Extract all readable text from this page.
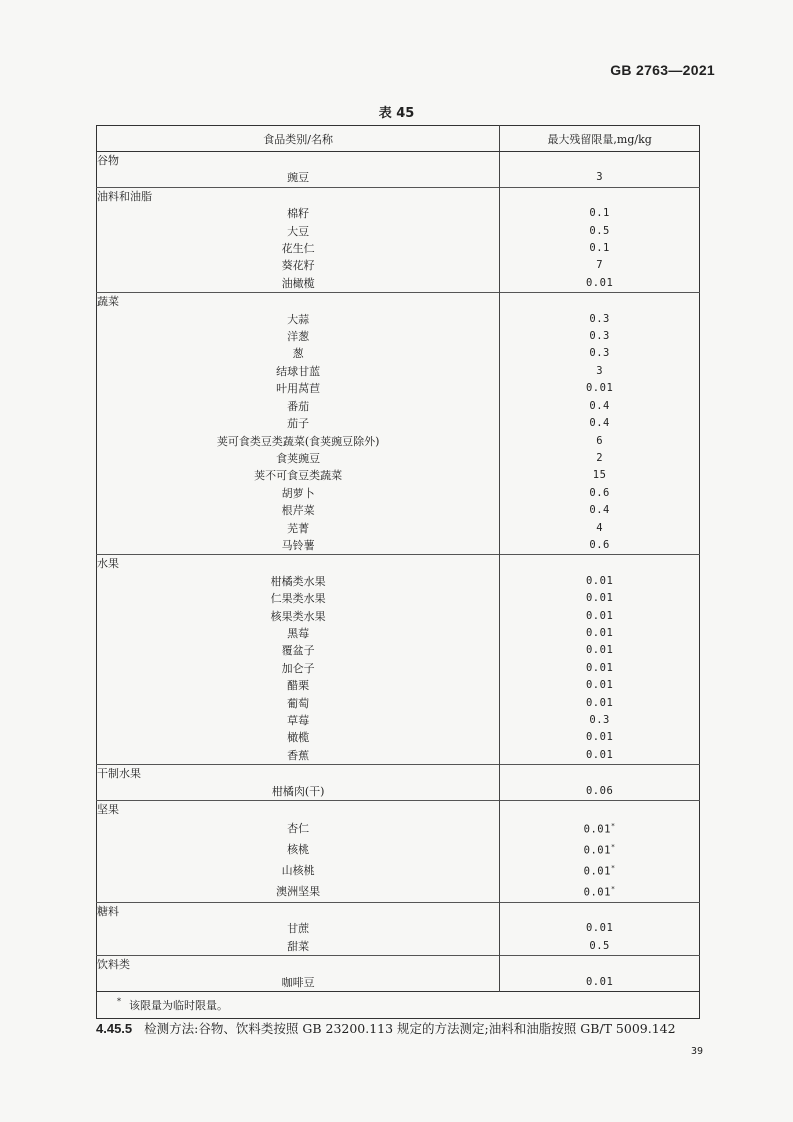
GB 2763—2021
表 45
食品类别/名称	最大残留限量,mg/kg
谷物	
豌豆	3
油料和油脂	
棉籽	0.1
大豆	0.5
花生仁	0.1
葵花籽	7
油橄榄	0.01
蔬菜	
大蒜	0.3
洋葱	0.3
葱	0.3
结球甘蓝	3
叶用莴苣	0.01
番茄	0.4
茄子	0.4
荚可食类豆类蔬菜(食荚豌豆除外)	6
食荚豌豆	2
荚不可食豆类蔬菜	15
胡萝卜	0.6
根芹菜	0.4
芜菁	4
马铃薯	0.6
水果	
柑橘类水果	0.01
仁果类水果	0.01
核果类水果	0.01
黑莓	0.01
覆盆子	0.01
加仑子	0.01
醋栗	0.01
葡萄	0.01
草莓	0.3
橄榄	0.01
香蕉	0.01
干制水果	
柑橘肉(干)	0.06
坚果	
杏仁	0.01*
核桃	0.01*
山核桃	0.01*
澳洲坚果	0.01*
糖料	
甘蔗	0.01
甜菜	0.5
饮料类	
咖啡豆	0.01
* 该限量为临时限量。	
4.45.5 检测方法:谷物、饮料类按照 GB 23200.113 规定的方法测定;油料和油脂按照 GB/T 5009.142
39
